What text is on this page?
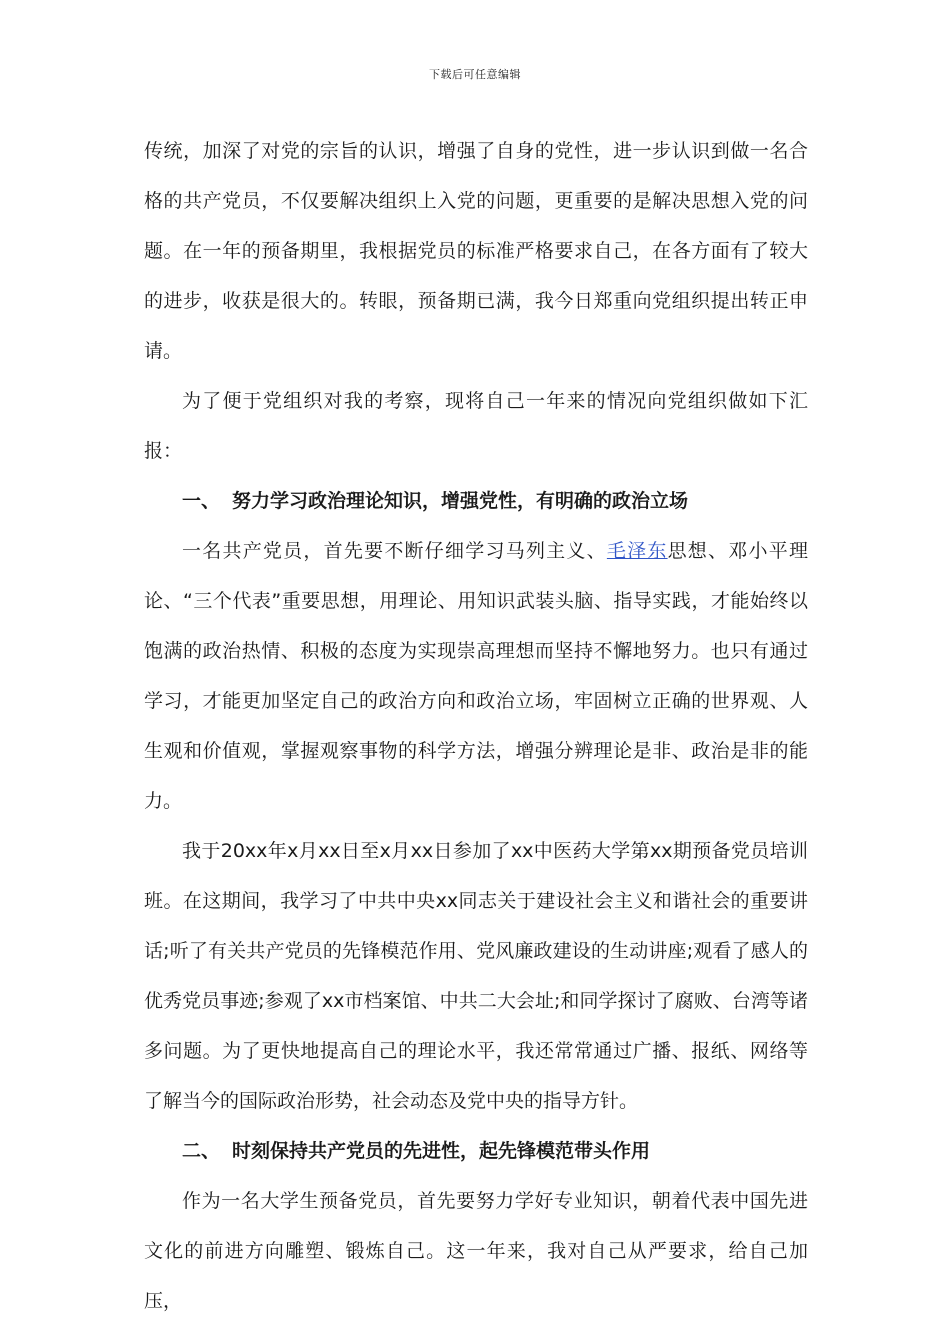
下载后可任意编辑

传统，加深了对党的宗旨的认识，增强了自身的党性，进一步认识到做一名合格的共产党员，不仅要解决组织上入党的问题，更重要的是解决思想入党的问题。在一年的预备期里，我根据党员的标准严格要求自己，在各方面有了较大的进步，收获是很大的。转眼，预备期已满，我今日郑重向党组织提出转正申请。

为了便于党组织对我的考察，现将自己一年来的情况向党组织做如下汇报：

一、 努力学习政治理论知识，增强党性，有明确的政治立场

一名共产党员，首先要不断仔细学习马列主义、毛泽东思想、邓小平理论、“三个代表”重要思想，用理论、用知识武装头脑、指导实践，才能始终以饱满的政治热情、积极的态度为实现崇高理想而坚持不懈地努力。也只有通过学习，才能更加坚定自己的政治方向和政治立场，牢固树立正确的世界观、人生观和价值观，掌握观察事物的科学方法，增强分辨理论是非、政治是非的能力。

我于20xx年x月xx日至x月xx日参加了xx中医药大学第xx期预备党员培训班。在这期间，我学习了中共中央xx同志关于建设社会主义和谐社会的重要讲话;听了有关共产党员的先锋模范作用、党风廉政建设的生动讲座;观看了感人的优秀党员事迹;参观了xx市档案馆、中共二大会址;和同学探讨了腐败、台湾等诸多问题。为了更快地提高自己的理论水平，我还常常通过广播、报纸、网络等了解当今的国际政治形势，社会动态及党中央的指导方针。

二、 时刻保持共产党员的先进性，起先锋模范带头作用

作为一名大学生预备党员，首先要努力学好专业知识，朝着代表中国先进文化的前进方向雕塑、锻炼自己。这一年来，我对自己从严要求，给自己加压，
